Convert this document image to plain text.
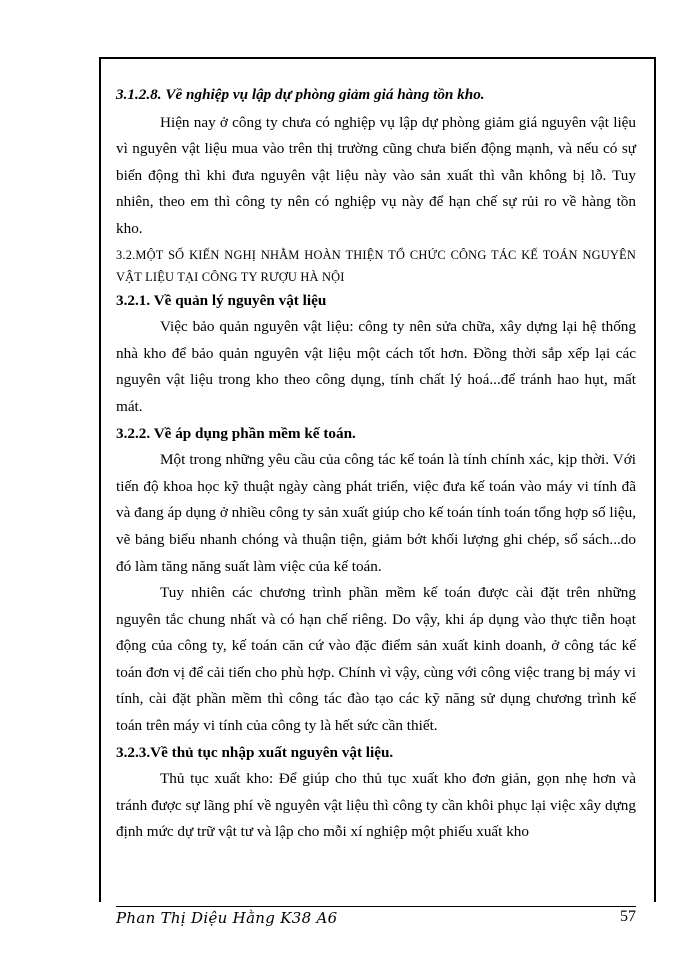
3.1.2.8. Về nghiệp vụ lập dự phòng giảm giá hàng tồn kho.

Hiện nay ở công ty chưa có nghiệp vụ lập dự phòng giảm giá nguyên vật liệu vì nguyên vật liệu mua vào trên thị trường cũng chưa biến động mạnh, và nếu có sự biến động thì khi đưa nguyên vật liệu này vào sản xuất thì vẫn không bị lỗ. Tuy nhiên, theo em thì công ty nên có nghiệp vụ này để hạn chế sự rủi ro về hàng tồn kho.

3.2.MỘT SỐ KIẾN NGHỊ NHẰM HOÀN THIỆN TỔ CHỨC CÔNG TÁC KẾ TOÁN NGUYÊN VẬT LIỆU TẠI CÔNG TY RƯỢU HÀ NỘI

3.2.1. Về quản lý nguyên vật liệu

Việc bảo quản nguyên vật liệu: công ty nên sửa chữa, xây dựng lại hệ thống nhà kho để bảo quản nguyên vật liệu một cách tốt hơn. Đồng thời sắp xếp lại các nguyên vật liệu trong kho theo công dụng, tính chất lý hoá...để tránh hao hụt, mất mát.

3.2.2. Về áp dụng phần mềm kế toán.

Một trong những yêu cầu của công tác kế toán là tính chính xác, kịp thời. Với tiến độ khoa học kỹ thuật ngày càng phát triển, việc đưa kế toán vào máy vi tính đã và đang áp dụng ở nhiều công ty sản xuất giúp cho kế toán tính toán tổng hợp số liệu, vẽ bảng biểu nhanh chóng và thuận tiện, giảm bớt khối lượng ghi chép, sổ sách...do đó làm tăng năng suất làm việc của kế toán.

Tuy nhiên các chương trình phần mềm kế toán được cài đặt trên những nguyên tắc chung nhất và có hạn chế riêng. Do vậy, khi áp dụng vào thực tiễn hoạt động của công ty, kế toán căn cứ vào đặc điểm sản xuất kinh doanh, ở công tác kế toán đơn vị để cải tiến cho phù hợp. Chính vì vậy, cùng với công việc trang bị máy vi tính, cài đặt phần mềm thì công tác đào tạo các kỹ năng sử dụng chương trình kế toán trên máy vi tính của công ty là hết sức cần thiết.

3.2.3.Về thủ tục nhập xuất nguyên vật liệu.

Thủ tục xuất kho: Để giúp cho thủ tục xuất kho đơn giản, gọn nhẹ hơn và tránh được sự lãng phí về nguyên vật liệu thì công ty cần khôi phục lại việc xây dựng định mức dự trữ vật tư và lập cho mỗi xí nghiệp một phiếu xuất kho

Phan Thị Diệu Hằng K38 A6	57
